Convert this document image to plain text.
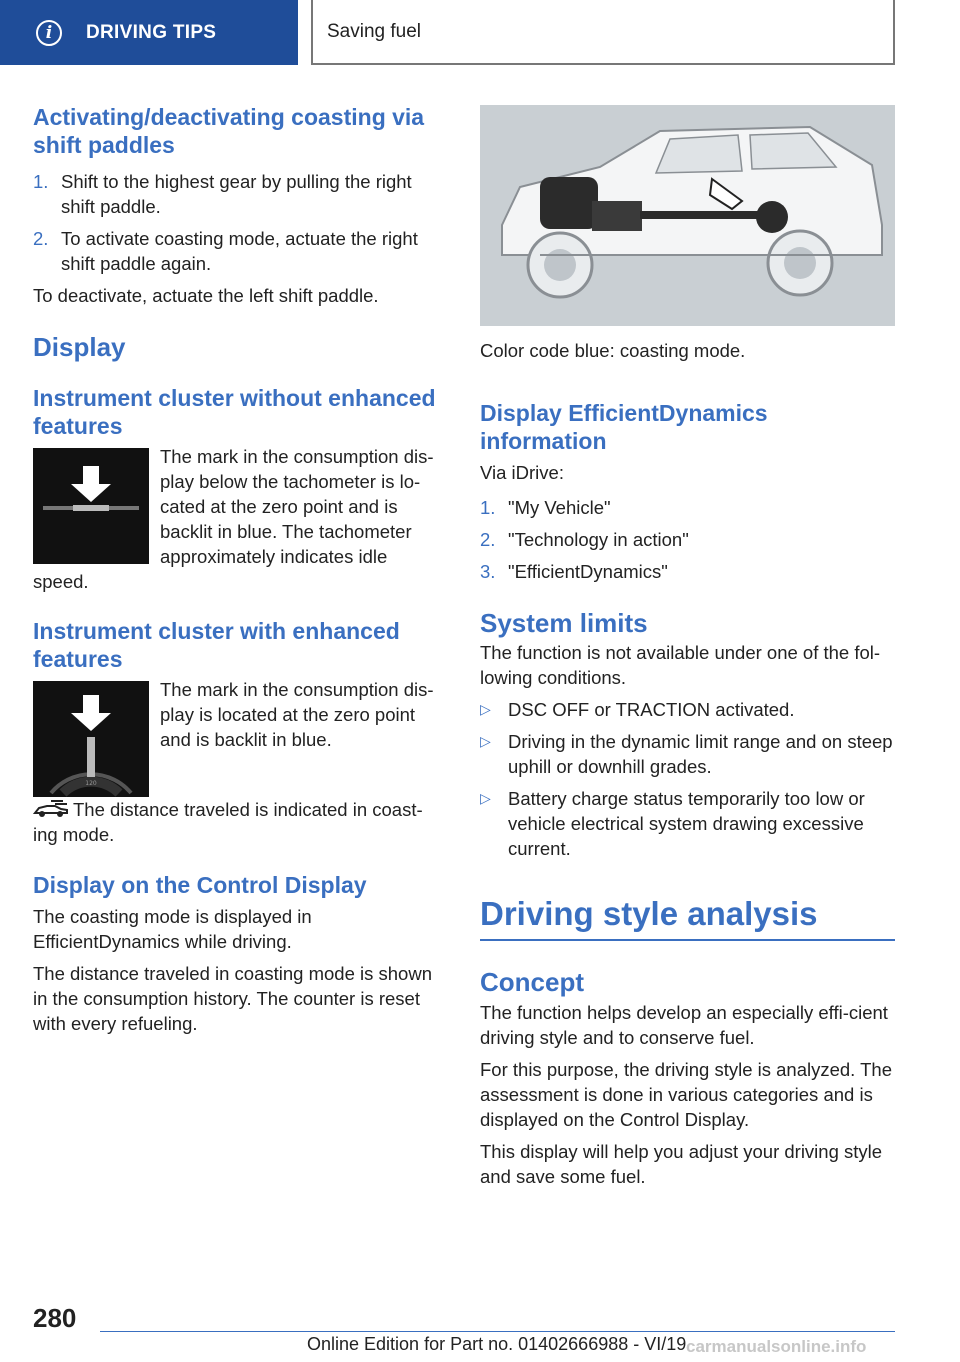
i	DRIVING TIPS	Saving fuel
Activating/deactivating coasting via shift paddles
1. Shift to the highest gear by pulling the right shift paddle.
2. To activate coasting mode, actuate the right shift paddle again.

To deactivate, actuate the left shift paddle.

Display
Instrument cluster without enhanced features

The mark in the consumption dis-play below the tachometer is lo-cated at the zero point and is backlit in blue. The tachometer approximately indicates idle speed.

Instrument cluster with enhanced features
120

The mark in the consumption dis-play is located at the zero point and is backlit in blue.

The distance traveled is indicated in coast-ing mode.

Display on the Control Display

The coasting mode is displayed in EfficientDynamics while driving.

The distance traveled in coasting mode is shown in the consumption history. The counter is reset with every refueling.

Color code blue: coasting mode.

Display EfficientDynamics information

Via iDrive:

1. "My Vehicle"
2. "Technology in action"
3. "EfficientDynamics"
System limits

The function is not available under one of the fol-lowing conditions.

▷ DSC OFF or TRACTION activated.
▷ Driving in the dynamic limit range and on steep uphill or downhill grades.
▷ Battery charge status temporarily too low or vehicle electrical system drawing excessive current.
Driving style analysis
Concept

The function helps develop an especially effi-cient driving style and to conserve fuel.

For this purpose, the driving style is analyzed. The assessment is done in various categories and is displayed on the Control Display.

This display will help you adjust your driving style and save some fuel.

280
Online Edition for Part no. 01402666988 - VI/19 carmanualsonline.info
